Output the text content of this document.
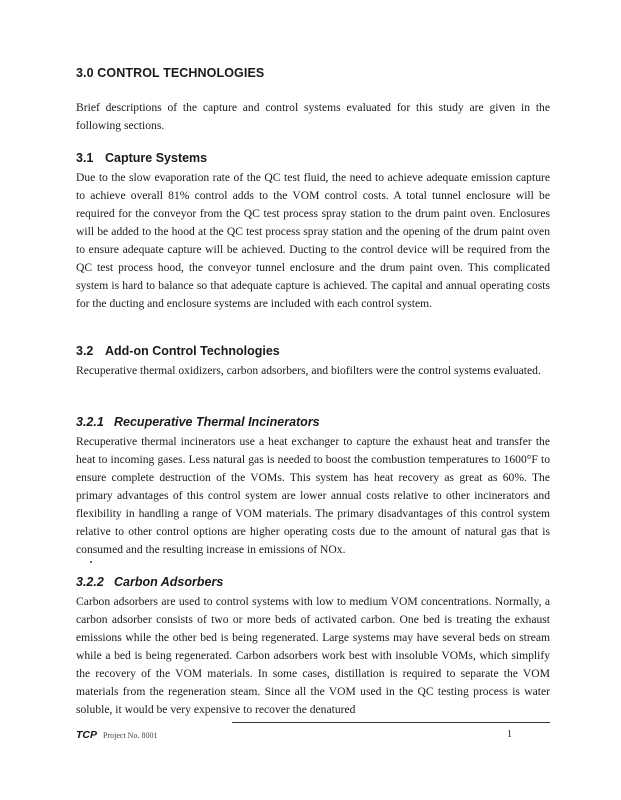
3.0 CONTROL TECHNOLOGIES

Brief descriptions of the capture and control systems evaluated for this study are given in the following sections.

3.1 Capture Systems

Due to the slow evaporation rate of the QC test fluid, the need to achieve adequate emission capture to achieve overall 81% control adds to the VOM control costs. A total tunnel enclosure will be required for the conveyor from the QC test process spray station to the drum paint oven. Enclosures will be added to the hood at the QC test process spray station and the opening of the drum paint oven to ensure adequate capture will be achieved. Ducting to the control device will be required from the QC test process hood, the conveyor tunnel enclosure and the drum paint oven. This complicated system is hard to balance so that adequate capture is achieved. The capital and annual operating costs for the ducting and enclosure systems are included with each control system.

3.2 Add-on Control Technologies

Recuperative thermal oxidizers, carbon adsorbers, and biofilters were the control systems evaluated.

3.2.1 Recuperative Thermal Incinerators

Recuperative thermal incinerators use a heat exchanger to capture the exhaust heat and transfer the heat to incoming gases. Less natural gas is needed to boost the combustion temperatures to 1600°F to ensure complete destruction of the VOMs. This system has heat recovery as great as 60%. The primary advantages of this control system are lower annual costs relative to other incinerators and flexibility in handling a range of VOM materials. The primary disadvantages of this control system relative to other control options are higher operating costs due to the amount of natural gas that is consumed and the resulting increase in emissions of NOx.

3.2.2 Carbon Adsorbers

Carbon adsorbers are used to control systems with low to medium VOM concentrations. Normally, a carbon adsorber consists of two or more beds of activated carbon. One bed is treating the exhaust emissions while the other bed is being regenerated. Large systems may have several beds on stream while a bed is being regenerated. Carbon adsorbers work best with insoluble VOMs, which simplify the recovery of the VOM materials. In some cases, distillation is required to separate the VOM materials from the regeneration steam. Since all the VOM used in the QC testing process is water soluble, it would be very expensive to recover the denatured

TCP Project No. 8001	1
